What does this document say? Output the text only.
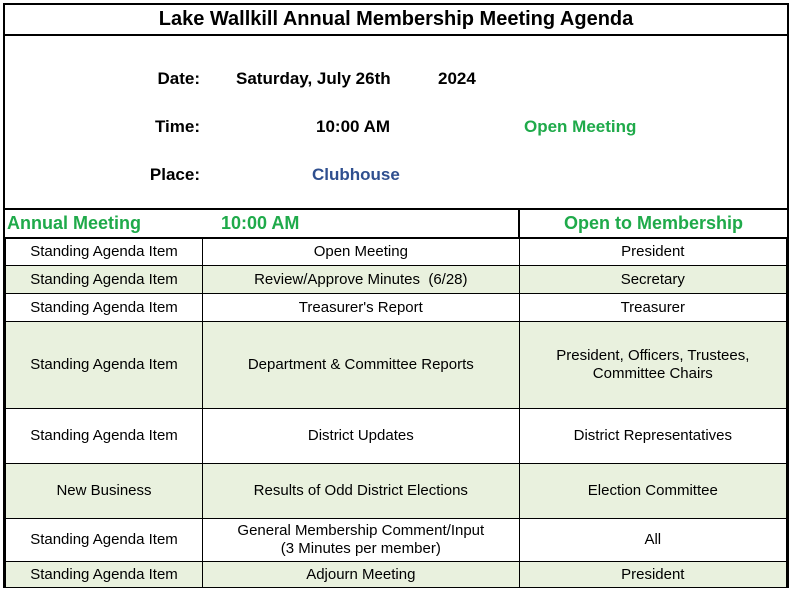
Lake Wallkill Annual Membership Meeting Agenda
Date: Saturday, July 26th	2024
Time:	10:00 AM	Open Meeting
Place:	Clubhouse
Annual Meeting	10:00 AM	Open to Membership
Standing Agenda Item	Open Meeting	President
Standing Agenda Item	Review/Approve Minutes  (6/28)	Secretary
Standing Agenda Item	Treasurer's Report	Treasurer
Standing Agenda Item	Department & Committee Reports	President, Officers, Trustees,
Committee Chairs

Standing Agenda Item	District Updates	District Representatives
New Business	Results of Odd District Elections	Election Committee
Standing Agenda Item	General Membership Comment/Input
(3 Minutes per member)	All
Standing Agenda Item	Adjourn Meeting	President
